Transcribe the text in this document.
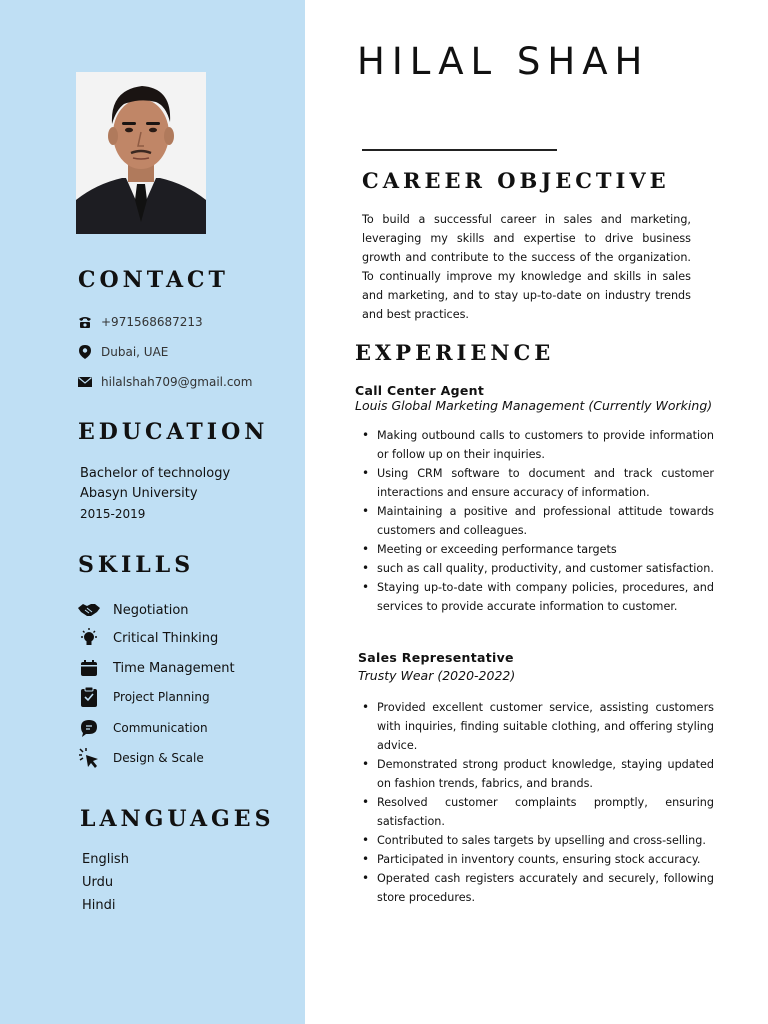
CONTACT
+971568687213
Dubai, UAE
hilalshah709@gmail.com
EDUCATION
Bachelor of technology
Abasyn University
2015-2019
SKILLS
Negotiation
Critical Thinking
Time Management
Project Planning
Communication
Design & Scale
LANGUAGES
English
Urdu
Hindi
HILAL SHAH
CAREER OBJECTIVE
To build a successful career in sales and marketing, leveraging my skills and expertise to drive business growth and contribute to the success of the organization. To continually improve my knowledge and skills in sales and marketing, and to stay up-to-date on industry trends and best practices.
EXPERIENCE
Call Center Agent
Louis Global Marketing Management (Currently Working)
• Making outbound calls to customers to provide information or follow up on their inquiries.
• Using CRM software to document and track customer interactions and ensure accuracy of information.
• Maintaining a positive and professional attitude towards customers and colleagues.
• Meeting or exceeding performance targets
• such as call quality, productivity, and customer satisfaction.
• Staying up-to-date with company policies, procedures, and services to provide accurate information to customer.
Sales Representative
Trusty Wear (2020-2022)
• Provided excellent customer service, assisting customers with inquiries, finding suitable clothing, and offering styling advice.
• Demonstrated strong product knowledge, staying updated on fashion trends, fabrics, and brands.
• Resolved customer complaints promptly, ensuring satisfaction.
• Contributed to sales targets by upselling and cross-selling.
• Participated in inventory counts, ensuring stock accuracy.
• Operated cash registers accurately and securely, following store procedures.
